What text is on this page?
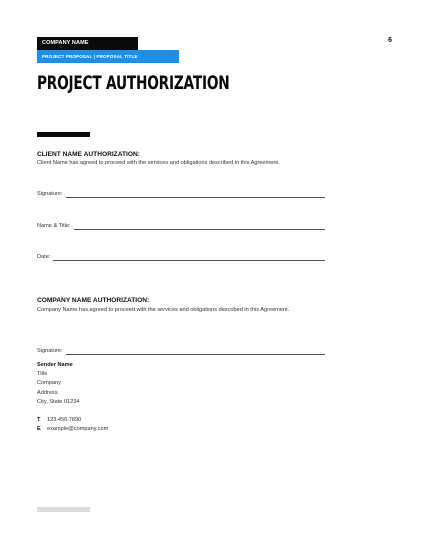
COMPANY NAME
PROJECT PROPOSAL | PROPOSAL TITLE
6
PROJECT AUTHORIZATION
CLIENT NAME AUTHORIZATION:
Client Name has agreed to proceed with the services and obligations described in this Agreement.
Signature:
Name & Title:
Date:
COMPANY NAME AUTHORIZATION:
Company Name has agreed to proceed with the services and obligations described in this Agreement.
Signature:
Sender Name
Title
Company
Address
City, State 01234
T	123.456.7890
E	example@company.com
